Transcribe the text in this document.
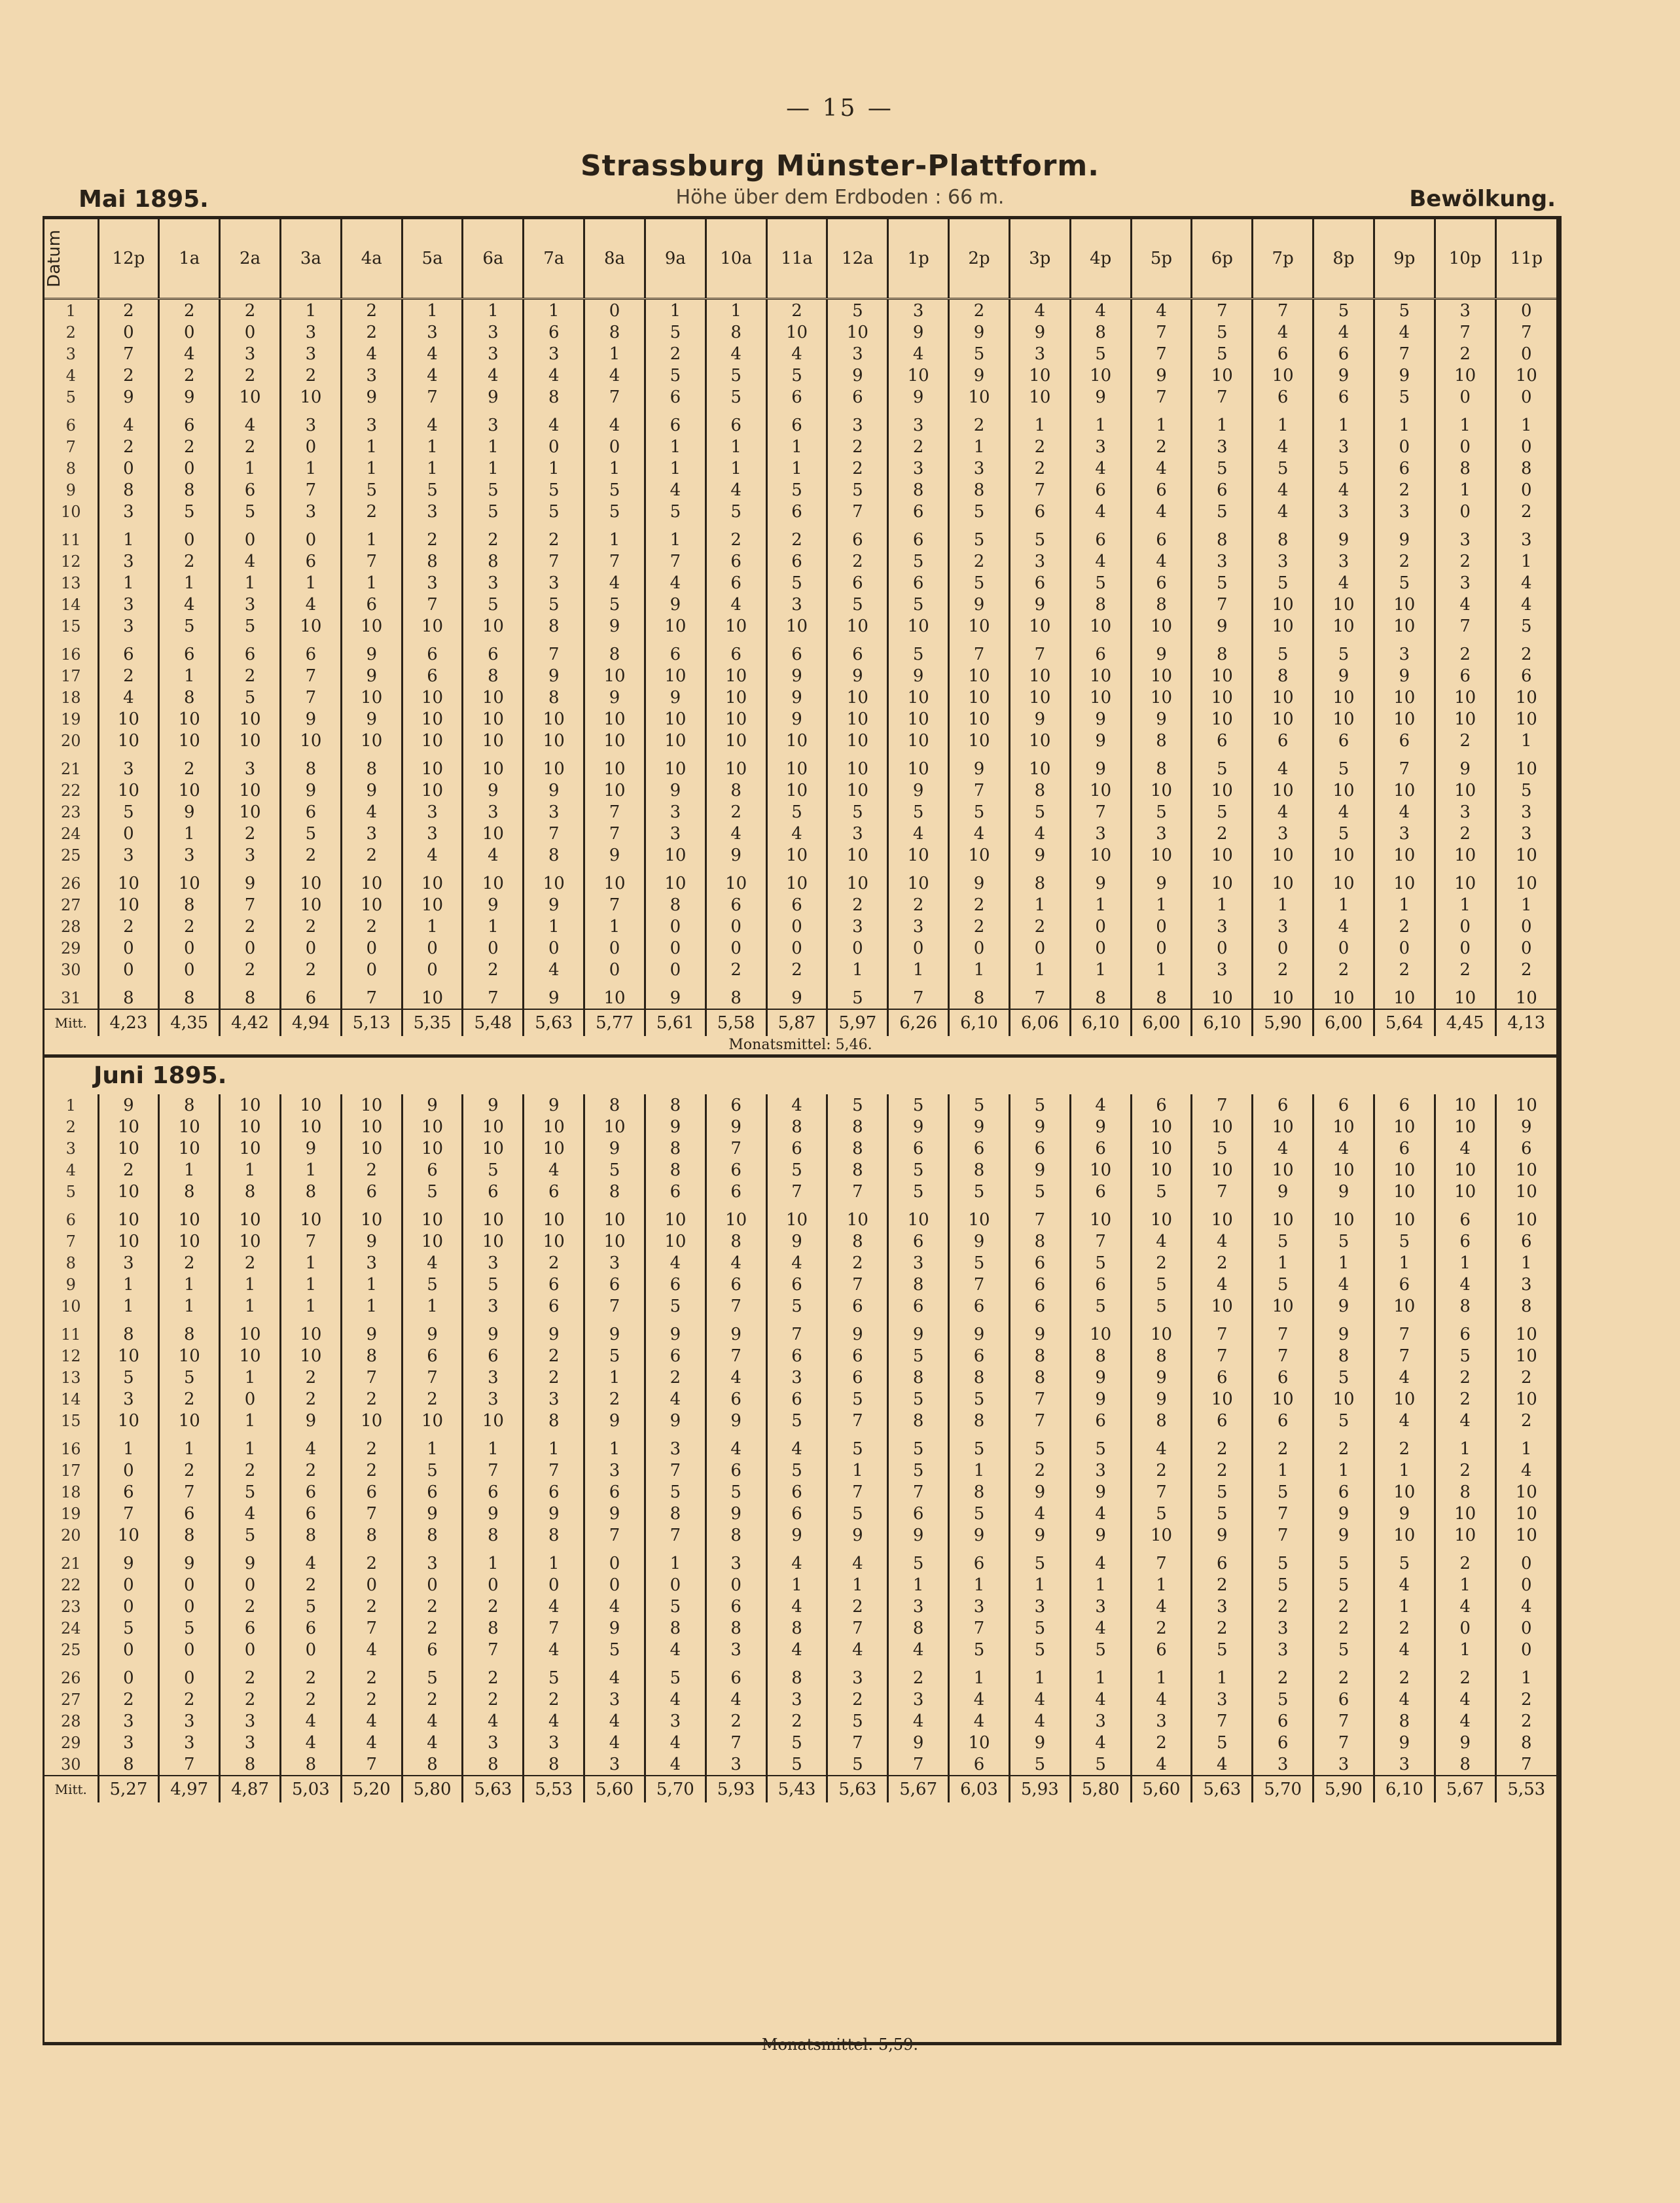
— 15 —
Strassburg Münster-Plattform.
Höhe über dem Erdboden : 66 m.
Mai 1895.	Bewölkung.
Datum	12p	1a	2a	3a	4a	5a	6a	7a	8a	9a	10a	11a	12a	1p	2p	3p	4p	5p	6p	7p	8p	9p	10p	11p
1	2	2	2	1	2	1	1	1	0	1	1	2	5	3	2	4	4	4	7	7	5	5	3	0
2	0	0	0	3	2	3	3	6	8	5	8	10	10	9	9	9	8	7	5	4	4	4	7	7
3	7	4	3	3	4	4	3	3	1	2	4	4	3	4	5	3	5	7	5	6	6	7	2	0
4	2	2	2	2	3	4	4	4	4	5	5	5	9	10	9	10	10	9	10	10	9	9	10	10
5	9	9	10	10	9	7	9	8	7	6	5	6	6	9	10	10	9	7	7	6	6	5	0	0

6	4	6	4	3	3	4	3	4	4	6	6	6	3	3	2	1	1	1	1	1	1	1	1	1
7	2	2	2	0	1	1	1	0	0	1	1	1	2	2	1	2	3	2	3	4	3	0	0	0
8	0	0	1	1	1	1	1	1	1	1	1	1	2	3	3	2	4	4	5	5	5	6	8	8
9	8	8	6	7	5	5	5	5	5	4	4	5	5	8	8	7	6	6	6	4	4	2	1	0
10	3	5	5	3	2	3	5	5	5	5	5	6	7	6	5	6	4	4	5	4	3	3	0	2

11	1	0	0	0	1	2	2	2	1	1	2	2	6	6	5	5	6	6	8	8	9	9	3	3
12	3	2	4	6	7	8	8	7	7	7	6	6	2	5	2	3	4	4	3	3	3	2	2	1
13	1	1	1	1	1	3	3	3	4	4	6	5	6	6	5	6	5	6	5	5	4	5	3	4
14	3	4	3	4	6	7	5	5	5	9	4	3	5	5	9	9	8	8	7	10	10	10	4	4
15	3	5	5	10	10	10	10	8	9	10	10	10	10	10	10	10	10	10	9	10	10	10	7	5

16	6	6	6	6	9	6	6	7	8	6	6	6	6	5	7	7	6	9	8	5	5	3	2	2
17	2	1	2	7	9	6	8	9	10	10	10	9	9	9	10	10	10	10	10	8	9	9	6	6
18	4	8	5	7	10	10	10	8	9	9	10	9	10	10	10	10	10	10	10	10	10	10	10	10
19	10	10	10	9	9	10	10	10	10	10	10	9	10	10	10	9	9	9	10	10	10	10	10	10
20	10	10	10	10	10	10	10	10	10	10	10	10	10	10	10	10	9	8	6	6	6	6	2	1

21	3	2	3	8	8	10	10	10	10	10	10	10	10	10	9	10	9	8	5	4	5	7	9	10
22	10	10	10	9	9	10	9	9	10	9	8	10	10	9	7	8	10	10	10	10	10	10	10	5
23	5	9	10	6	4	3	3	3	7	3	2	5	5	5	5	5	7	5	5	4	4	4	3	3
24	0	1	2	5	3	3	10	7	7	3	4	4	3	4	4	4	3	3	2	3	5	3	2	3
25	3	3	3	2	2	4	4	8	9	10	9	10	10	10	10	9	10	10	10	10	10	10	10	10

26	10	10	9	10	10	10	10	10	10	10	10	10	10	10	9	8	9	9	10	10	10	10	10	10
27	10	8	7	10	10	10	9	9	7	8	6	6	2	2	2	1	1	1	1	1	1	1	1	1
28	2	2	2	2	2	1	1	1	1	0	0	0	3	3	2	2	0	0	3	3	4	2	0	0
29	0	0	0	0	0	0	0	0	0	0	0	0	0	0	0	0	0	0	0	0	0	0	0	0
30	0	0	2	2	0	0	2	4	0	0	2	2	1	1	1	1	1	1	3	2	2	2	2	2

31	8	8	8	6	7	10	7	9	10	9	8	9	5	7	8	7	8	8	10	10	10	10	10	10
Mitt.	4,23	4,35	4,42	4,94	5,13	5,35	5,48	5,63	5,77	5,61	5,58	5,87	5,97	6,26	6,10	6,06	6,10	6,00	6,10	5,90	6,00	5,64	4,45	4,13
Monatsmittel: 5,46.
Juni 1895.
1	9	8	10	10	10	9	9	9	8	8	6	4	5	5	5	5	4	6	7	6	6	6	10	10
2	10	10	10	10	10	10	10	10	10	9	9	8	8	9	9	9	9	10	10	10	10	10	10	9
3	10	10	10	9	10	10	10	10	9	8	7	6	8	6	6	6	6	10	5	4	4	6	4	6
4	2	1	1	1	2	6	5	4	5	8	6	5	8	5	8	9	10	10	10	10	10	10	10	10
5	10	8	8	8	6	5	6	6	8	6	6	7	7	5	5	5	6	5	7	9	9	10	10	10

6	10	10	10	10	10	10	10	10	10	10	10	10	10	10	10	7	10	10	10	10	10	10	6	10
7	10	10	10	7	9	10	10	10	10	10	8	9	8	6	9	8	7	4	4	5	5	5	6	6
8	3	2	2	1	3	4	3	2	3	4	4	4	2	3	5	6	5	2	2	1	1	1	1	1
9	1	1	1	1	1	5	5	6	6	6	6	6	7	8	7	6	6	5	4	5	4	6	4	3
10	1	1	1	1	1	1	3	6	7	5	7	5	6	6	6	6	5	5	10	10	9	10	8	8

11	8	8	10	10	9	9	9	9	9	9	9	7	9	9	9	9	10	10	7	7	9	7	6	10
12	10	10	10	10	8	6	6	2	5	6	7	6	6	5	6	8	8	8	7	7	8	7	5	10
13	5	5	1	2	7	7	3	2	1	2	4	3	6	8	8	8	9	9	6	6	5	4	2	2
14	3	2	0	2	2	2	3	3	2	4	6	6	5	5	5	7	9	9	10	10	10	10	2	10
15	10	10	1	9	10	10	10	8	9	9	9	5	7	8	8	7	6	8	6	6	5	4	4	2

16	1	1	1	4	2	1	1	1	1	3	4	4	5	5	5	5	5	4	2	2	2	2	1	1
17	0	2	2	2	2	5	7	7	3	7	6	5	1	5	1	2	3	2	2	1	1	1	2	4
18	6	7	5	6	6	6	6	6	6	5	5	6	7	7	8	9	9	7	5	5	6	10	8	10
19	7	6	4	6	7	9	9	9	9	8	9	6	5	6	5	4	4	5	5	7	9	9	10	10
20	10	8	5	8	8	8	8	8	7	7	8	9	9	9	9	9	9	10	9	7	9	10	10	10

21	9	9	9	4	2	3	1	1	0	1	3	4	4	5	6	5	4	7	6	5	5	5	2	0
22	0	0	0	2	0	0	0	0	0	0	0	1	1	1	1	1	1	1	2	5	5	4	1	0
23	0	0	2	5	2	2	2	4	4	5	6	4	2	3	3	3	3	4	3	2	2	1	4	4
24	5	5	6	6	7	2	8	7	9	8	8	8	7	8	7	5	4	2	2	3	2	2	0	0
25	0	0	0	0	4	6	7	4	5	4	3	4	4	4	5	5	5	6	5	3	5	4	1	0

26	0	0	2	2	2	5	2	5	4	5	6	8	3	2	1	1	1	1	1	2	2	2	2	1
27	2	2	2	2	2	2	2	2	3	4	4	3	2	3	4	4	4	4	3	5	6	4	4	2
28	3	3	3	4	4	4	4	4	4	3	2	2	5	4	4	4	3	3	7	6	7	8	4	2
29	3	3	3	4	4	4	3	3	4	4	7	5	7	9	10	9	4	2	5	6	7	9	9	8
30	8	7	8	8	7	8	8	8	3	4	3	5	5	7	6	5	5	4	4	3	3	3	8	7
Mitt.	5,27	4,97	4,87	5,03	5,20	5,80	5,63	5,53	5,60	5,70	5,93	5,43	5,63	5,67	6,03	5,93	5,80	5,60	5,63	5,70	5,90	6,10	5,67	5,53
Monatsmittel: 5,59.
